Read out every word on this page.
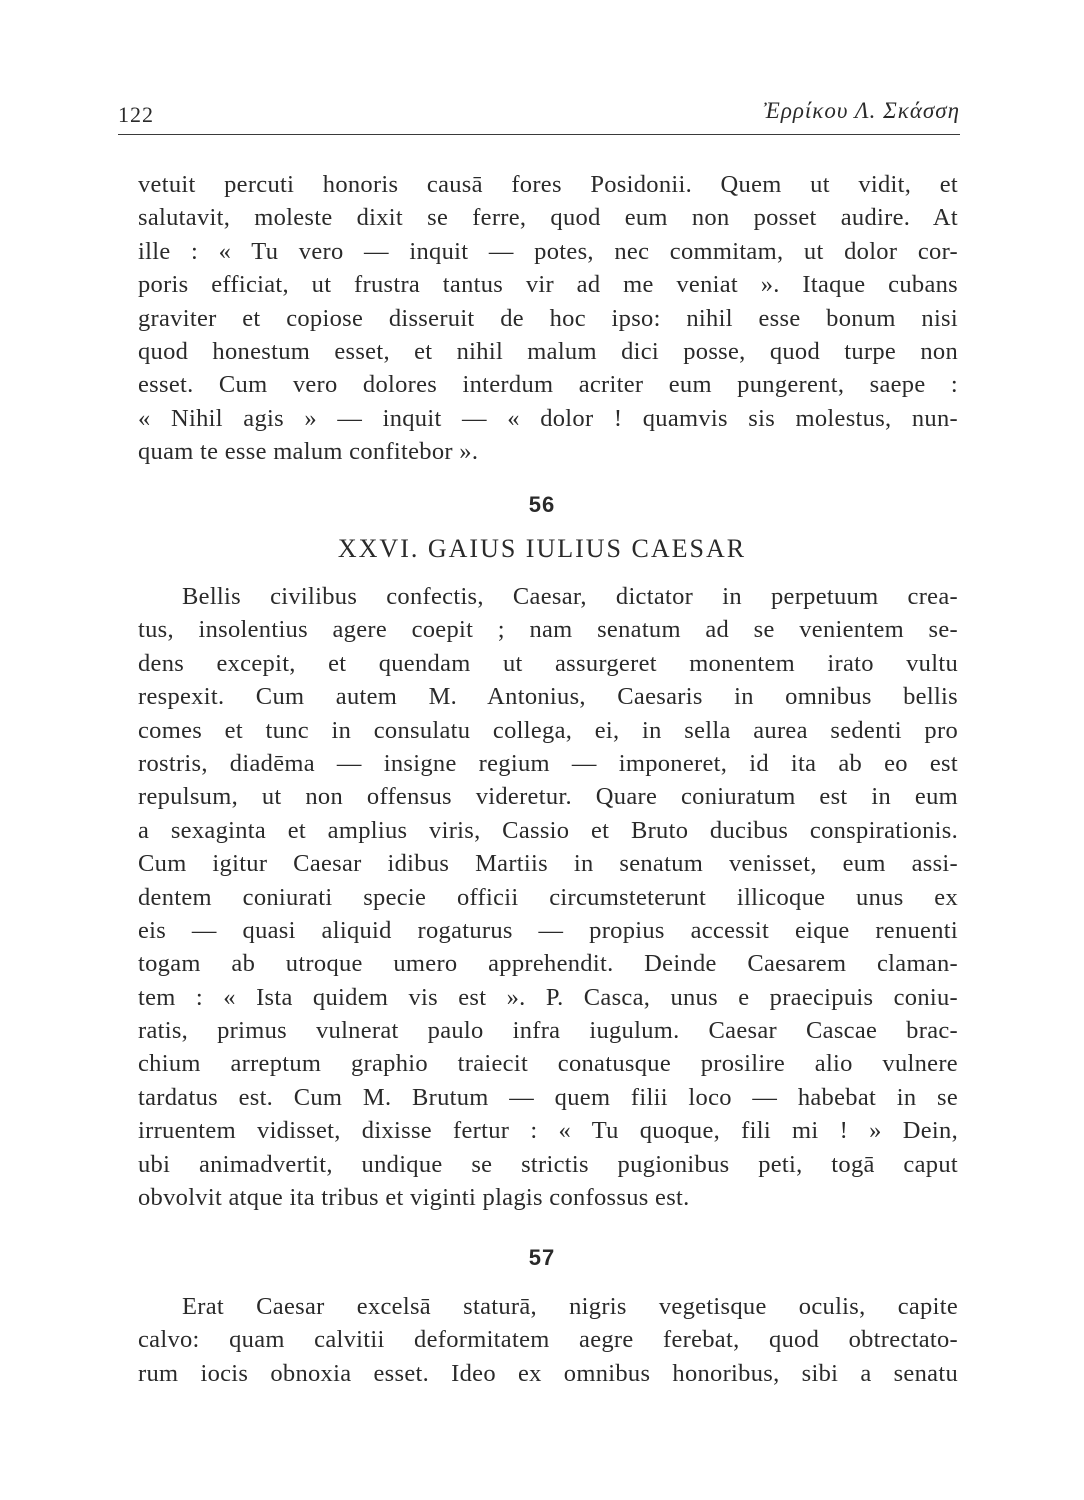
122	Ἐρρίκου Λ. Σκάσση
vetuit percuti honoris causā fores Posidonii. Quem ut vidit, et
salutavit, moleste dixit se ferre, quod eum non posset audire. At
ille : « Tu vero — inquit — potes, nec commitam, ut dolor cor-
poris efficiat, ut frustra tantus vir ad me veniat ». Itaque cubans
graviter et copiose disseruit de hoc ipso: nihil esse bonum nisi
quod honestum esset, et nihil malum dici posse, quod turpe non
esset. Cum vero dolores interdum acriter eum pungerent, saepe :
« Nihil agis » — inquit — « dolor ! quamvis sis molestus, nun-
quam te esse malum confitebor ».
56
XXVI. GAIUS IULIUS CAESAR
Bellis civilibus confectis, Caesar, dictator in perpetuum crea-
tus, insolentius agere coepit ; nam senatum ad se venientem se-
dens excepit, et quendam ut assurgeret monentem irato vultu
respexit. Cum autem M. Antonius, Caesaris in omnibus bellis
comes et tunc in consulatu collega, ei, in sella aurea sedenti pro
rostris, diadēma — insigne regium — imponeret, id ita ab eo est
repulsum, ut non offensus videretur. Quare coniuratum est in eum
a sexaginta et amplius viris, Cassio et Bruto ducibus conspirationis.
Cum igitur Caesar idibus Martiis in senatum venisset, eum assi-
dentem coniurati specie officii circumsteterunt illicoque unus ex
eis — quasi aliquid rogaturus — propius accessit eique renuenti
togam ab utroque umero apprehendit. Deinde Caesarem claman-
tem : « Ista quidem vis est ». P. Casca, unus e praecipuis coniu-
ratis, primus vulnerat paulo infra iugulum. Caesar Cascae brac-
chium arreptum graphio traiecit conatusque prosilire alio vulnere
tardatus est. Cum M. Brutum — quem filii loco — habebat in se
irruentem vidisset, dixisse fertur : « Tu quoque, fili mi ! » Dein,
ubi animadvertit, undique se strictis pugionibus peti, togā caput
obvolvit atque ita tribus et viginti plagis confossus est.
57
Erat Caesar excelsā staturā, nigris vegetisque oculis, capite
calvo: quam calvitii deformitatem aegre ferebat, quod obtrectato-
rum iocis obnoxia esset. Ideo ex omnibus honoribus, sibi a senatu
